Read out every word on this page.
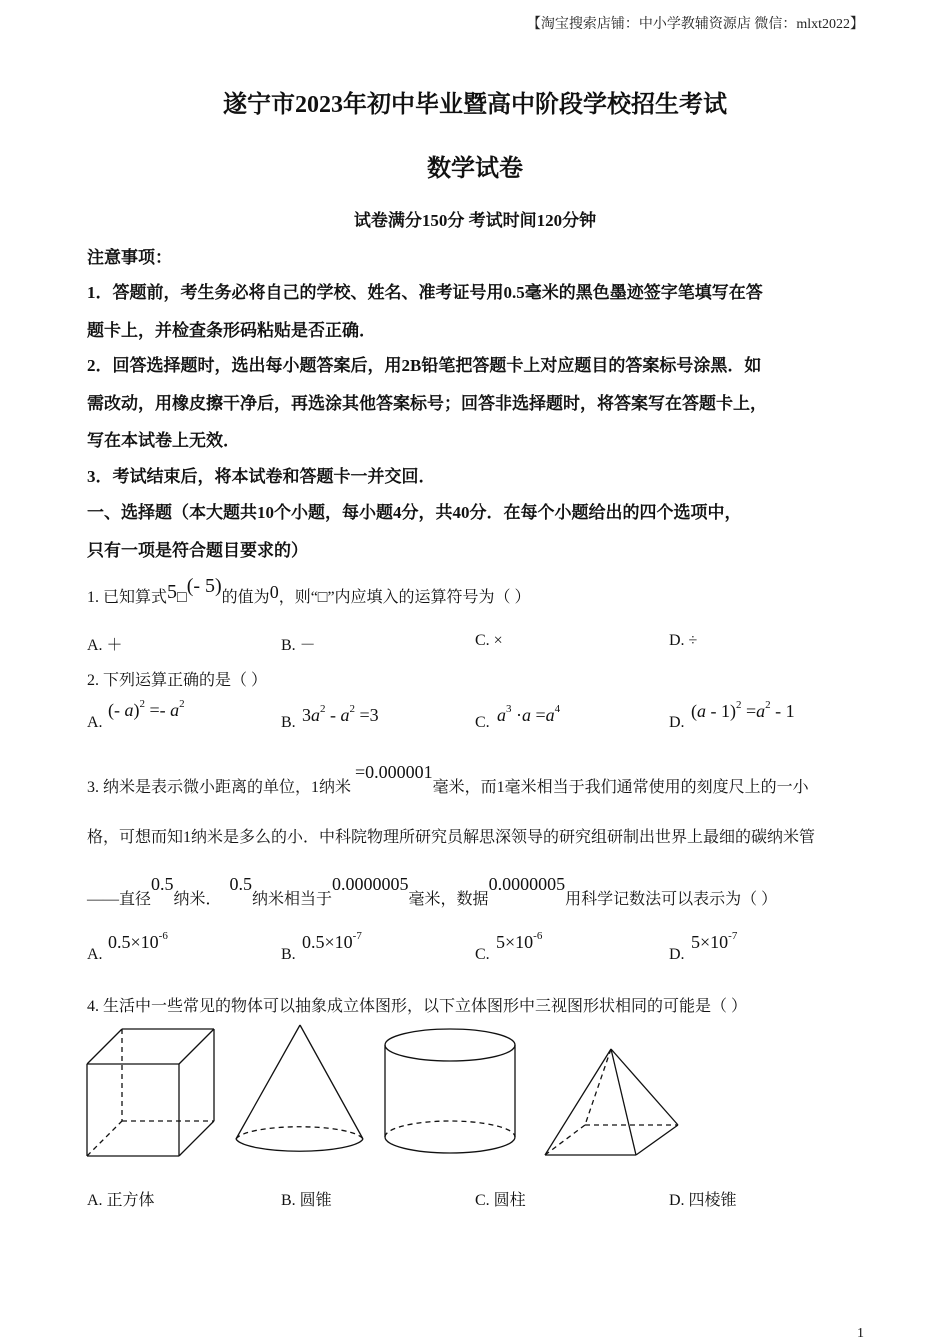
【淘宝搜索店铺：中小学教辅资源店 微信：mlxt2022】
遂宁市2023年初中毕业暨高中阶段学校招生考试
数学试卷
试卷满分150分 考试时间120分钟
注意事项：
1．答题前，考生务必将自己的学校、姓名、准考证号用0.5毫米的黑色墨迹签字笔填写在答
题卡上，并检查条形码粘贴是否正确．
2．回答选择题时，选出每小题答案后，用2B铅笔把答题卡上对应题目的答案标号涂黑．如
需改动，用橡皮擦干净后，再选涂其他答案标号；回答非选择题时，将答案写在答题卡上，
写在本试卷上无效．
3．考试结束后，将本试卷和答题卡一并交回．
一、选择题（本大题共10个小题，每小题4分，共40分．在每个小题给出的四个选项中，
只有一项是符合题目要求的）
1. 已知算式5□(- 5)的值为0，则“□”内应填入的运算符号为（ ）
A. ＋	B. －	C. ×	D. ÷
2. 下列运算正确的是（ ）
A.
(- $a)^2 =- a^2$
B. $3a^2 - a^2 =3$	C. $a^3 \cdot a =a^4$
D.
$(a - 1)^2 =a^2 - 1$
3. 纳米是表示微小距离的单位，1纳米=0.000001毫米，而1毫米相当于我们通常使用的刻度尺上的一小
格，可想而知1纳米是多么的小．中科院物理所研究员解思深领导的研究组研制出世界上最细的碳纳米管
——直径0.5纳米．0.5纳米相当于0.0000005毫米，数据0.0000005用科学记数法可以表示为（ ）
A.
$0.5\times 10^{-6}$
B.
$0.5\times 10^{-7}$
C.
$5\times 10^{-6}$
D.
$5\times 10^{-7}$
4. 生活中一些常见的物体可以抽象成立体图形，以下立体图形中三视图形状相同的可能是（ ）
A. 正方体	B. 圆锥	C. 圆柱	D. 四棱锥
1
